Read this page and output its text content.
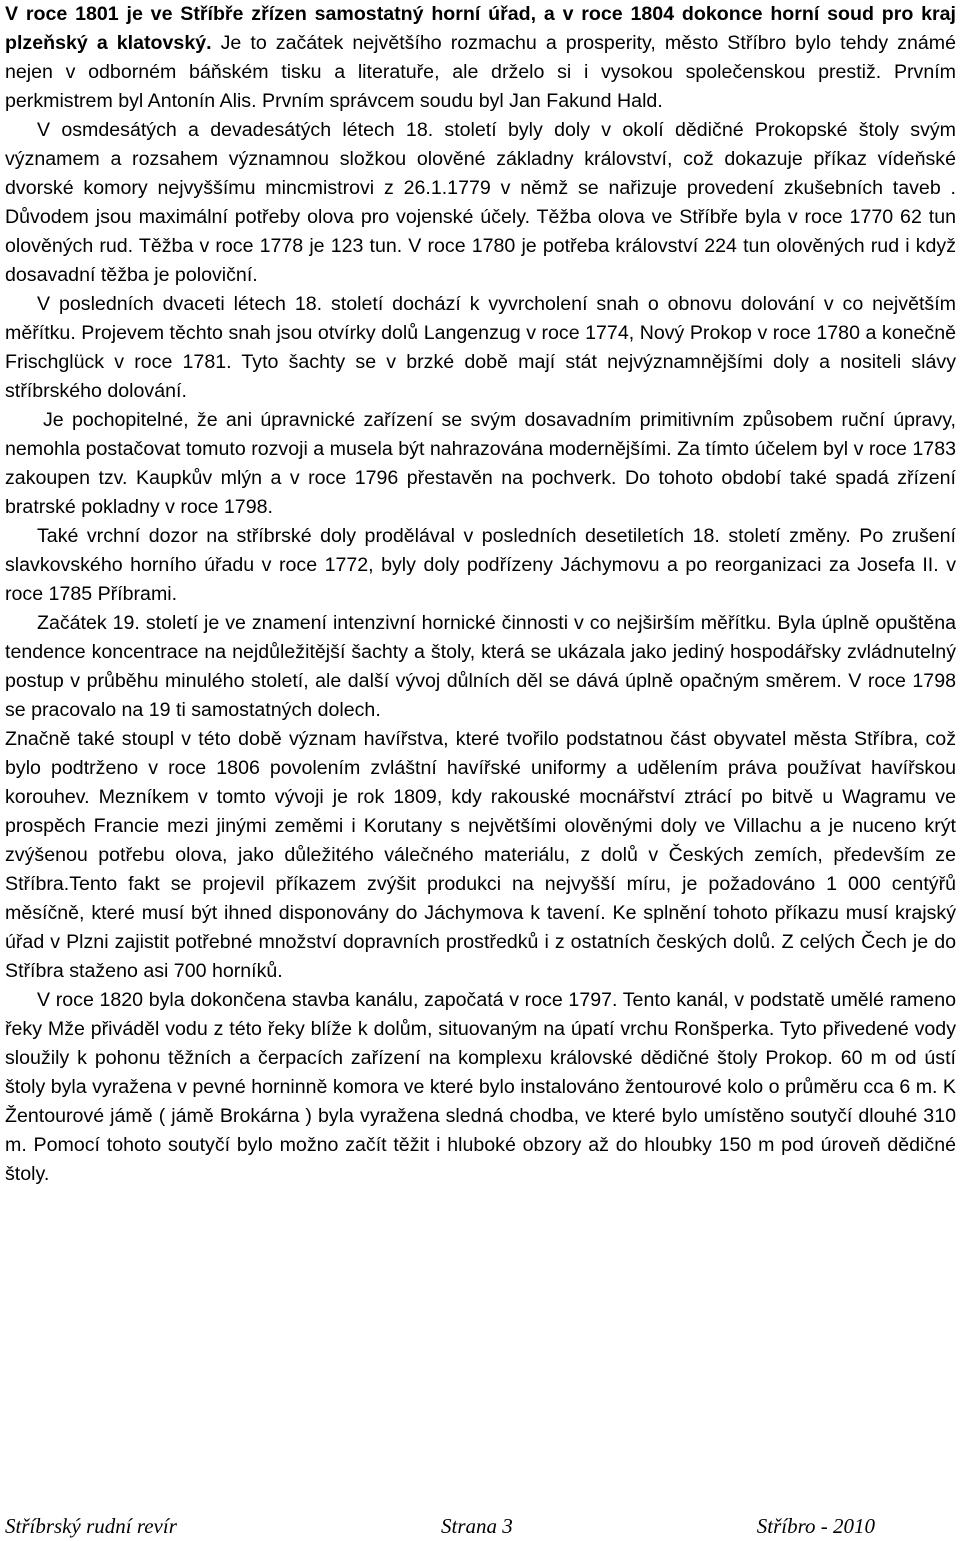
V roce 1801 je ve Stříbře zřízen samostatný horní úřad, a v roce 1804 dokonce horní soud pro kraj plzeňský a klatovský. Je to začátek největšího rozmachu a prosperity, město Stříbro bylo tehdy známé nejen v odborném báňském tisku a literatuře, ale drželo si i vysokou společenskou prestiž. Prvním perkmistrem byl Antonín Alis. Prvním správcem soudu byl Jan Fakund Hald.

V osmdesátých a devadesátých létech 18. století byly doly v okolí dědičné Prokopské štoly svým významem a rozsahem významnou složkou olověné základny království, což dokazuje příkaz vídeňské dvorské komory nejvyššímu mincmistrovi z 26.1.1779 v němž se nařizuje provedení zkušebních taveb . Důvodem jsou maximální potřeby olova pro vojenské účely. Těžba olova ve Stříbře byla v roce 1770 62 tun olověných rud. Těžba v roce 1778 je 123 tun. V roce 1780 je potřeba království 224 tun olověných rud i když dosavadní těžba je poloviční.

V posledních dvaceti létech 18. století dochází k vyvrcholení snah o obnovu dolování v co největším měřítku. Projevem těchto snah jsou otvírky dolů Langenzug v roce 1774, Nový Prokop v roce 1780 a konečně Frischglück v roce 1781. Tyto šachty se v brzké době mají stát nejvýznamnějšími doly a nositeli slávy stříbrského dolování.

Je pochopitelné, že ani úpravnické zařízení se svým dosavadním primitivním způsobem ruční úpravy, nemohla postačovat tomuto rozvoji a musela být nahrazována modernějšími. Za tímto účelem byl v roce 1783 zakoupen tzv. Kaupkův mlýn a v roce 1796 přestavěn na pochverk. Do tohoto období také spadá zřízení bratrské pokladny v roce 1798.

Také vrchní dozor na stříbrské doly prodělával v posledních desetiletích 18. století změny. Po zrušení slavkovského horního úřadu v roce 1772, byly doly podřízeny Jáchymovu a po reorganizaci za Josefa II. v roce 1785 Příbrami.

Začátek 19. století je ve znamení intenzivní hornické činnosti v co nejširším měřítku. Byla úplně opuštěna tendence koncentrace na nejdůležitější šachty a štoly, která se ukázala jako jediný hospodářsky zvládnutelný postup v průběhu minulého století, ale další vývoj důlních děl se dává úplně opačným směrem. V roce 1798 se pracovalo na 19 ti samostatných dolech.

Značně také stoupl v této době význam havířstva, které tvořilo podstatnou část obyvatel města Stříbra, což bylo podtrženo v roce 1806 povolením zvláštní havířské uniformy a udělením práva používat havířskou korouhev. Mezníkem v tomto vývoji je rok 1809, kdy rakouské mocnářství ztrácí po bitvě u Wagramu ve prospěch Francie mezi jinými zeměmi i Korutany s největšími olověnými doly ve Villachu a je nuceno krýt zvýšenou potřebu olova, jako důležitého válečného materiálu, z dolů v Českých zemích, především ze Stříbra.Tento fakt se projevil příkazem zvýšit produkci na nejvyšší míru, je požadováno 1 000 centýřů měsíčně, které musí být ihned disponovány do Jáchymova k tavení. Ke splnění tohoto příkazu musí krajský úřad v Plzni zajistit potřebné množství dopravních prostředků i z ostatních českých dolů. Z celých Čech je do Stříbra staženo asi 700 horníků.

V roce 1820 byla dokončena stavba kanálu, započatá v roce 1797. Tento kanál, v podstatě umělé rameno řeky Mže přiváděl vodu z této řeky blíže k dolům, situovaným na úpatí vrchu Ronšperka. Tyto přivedené vody sloužily k pohonu těžních a čerpacích zařízení na komplexu královské dědičné štoly Prokop. 60 m od ústí štoly byla vyražena v pevné horninně komora ve které bylo instalováno žentourové kolo o průměru cca 6 m. K Žentourové jámě ( jámě Brokárna ) byla vyražena sledná chodba, ve které bylo umístěno soutyčí dlouhé 310 m. Pomocí tohoto soutyčí bylo možno začít těžit i hluboké obzory až do hloubky 150 m pod úroveň dědičné štoly.

Stříbrský rudní revír	Strana 3	Stříbro - 2010
